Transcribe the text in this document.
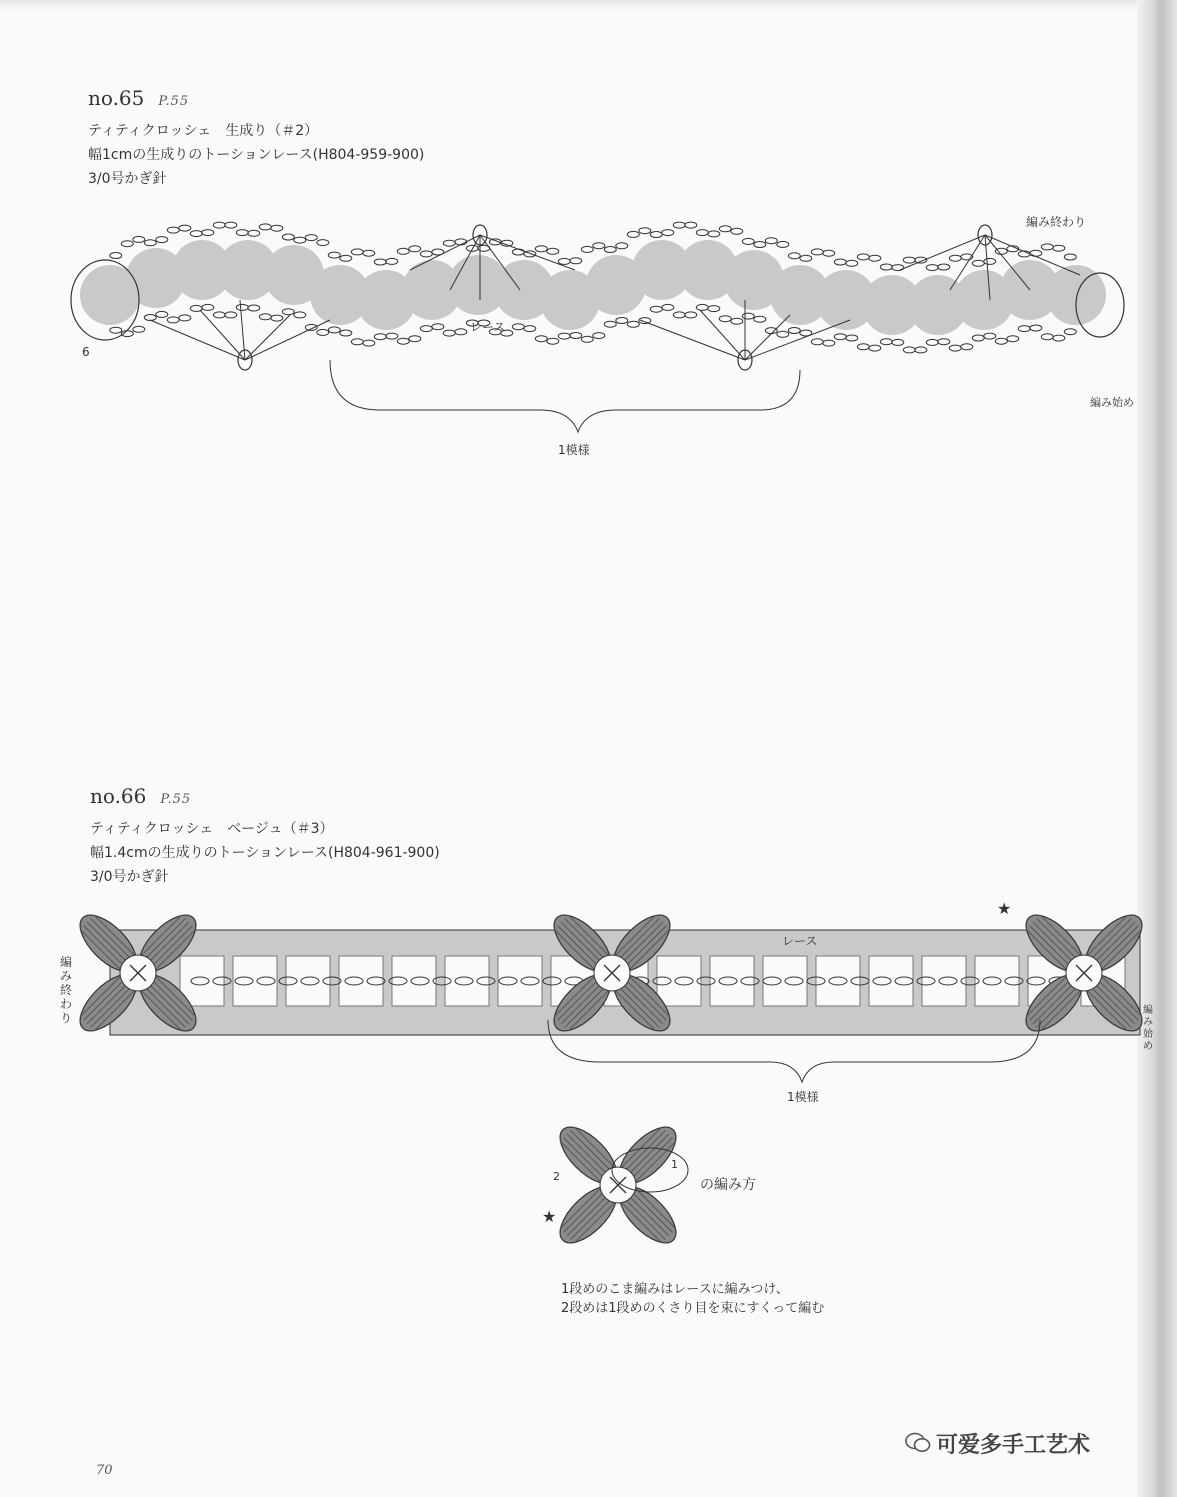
no.65 P.55
ティティクロッシェ　生成り（＃2）
幅1cmの生成りのトーションレース(H804-959-900)
3/0号かぎ針
編み終わり
編み始め
レース
1模様
6
no.66 P.55
ティティクロッシェ　ベージュ（＃3）
幅1.4cmの生成りのトーションレース(H804-961-900)
3/0号かぎ針
★
★
編み終わり
編み始め
レース
1模様
の編み方
1
2
1段めのこま編みはレースに編みつけ、
2段めは1段めのくさり目を束にすくって編む
70
可爱多手工艺术
